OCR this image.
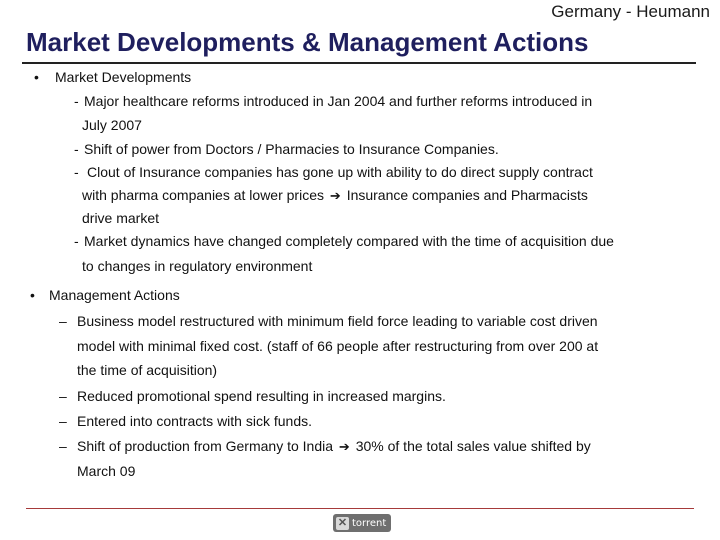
Germany - Heumann
Market Developments & Management Actions
• Market Developments
- Major healthcare reforms introduced in Jan 2004 and further reforms introduced in
July 2007
- Shift of power from Doctors / Pharmacies to Insurance Companies.
- Clout of Insurance companies has gone up with ability to do direct supply contract
with pharma companies at lower prices ➔ Insurance companies and Pharmacists
drive market
- Market dynamics have changed completely compared with the time of acquisition due
to changes in regulatory environment
• Management Actions
– Business model restructured with minimum field force leading to variable cost driven
model with minimal fixed cost. (staff of 66 people after restructuring from over 200 at
the time of acquisition)
– Reduced promotional spend resulting in increased margins.
– Entered into contracts with sick funds.
– Shift of production from Germany to India ➔ 30% of the total sales value shifted by
March 09
✕ torrent
